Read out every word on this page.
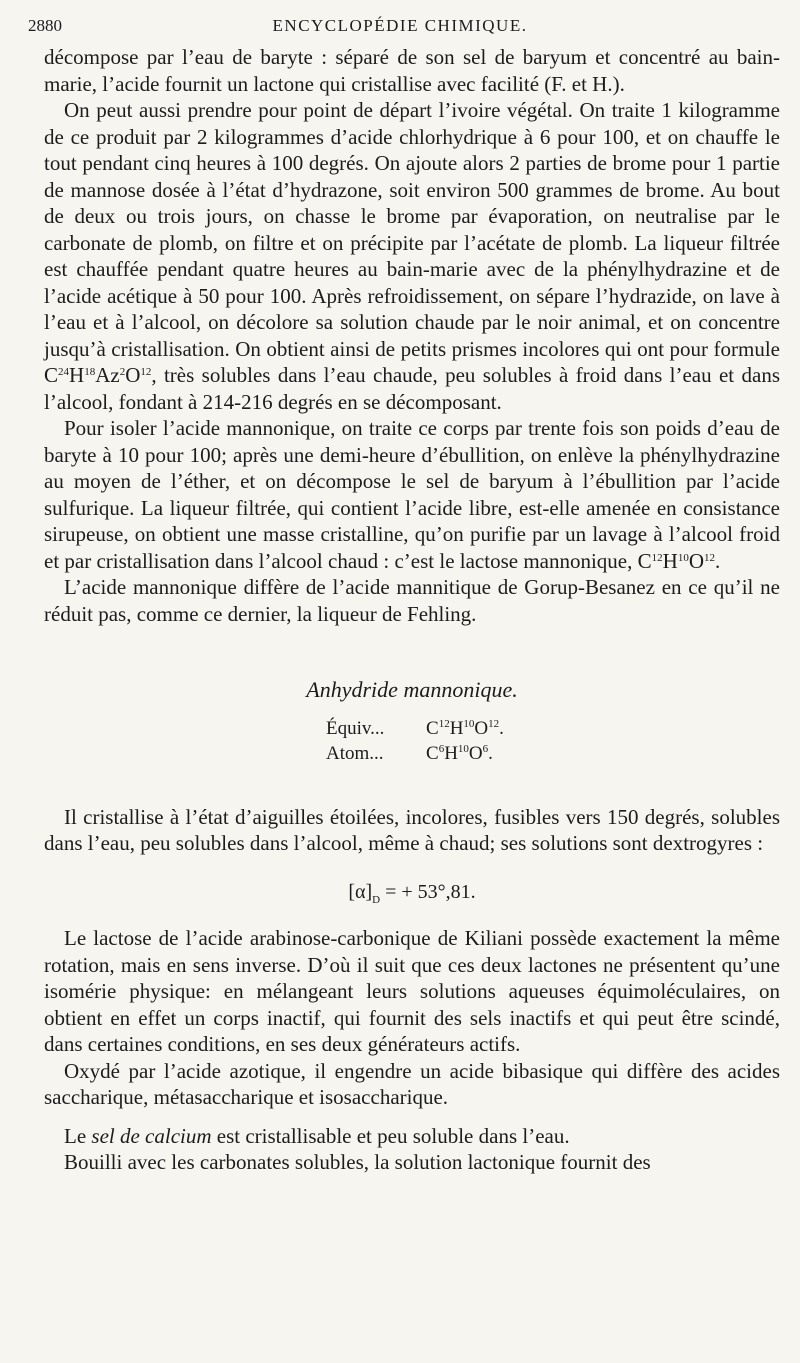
2880	ENCYCLOPÉDIE CHIMIQUE.

décompose par l’eau de baryte : séparé de son sel de baryum et concentré au bain-marie, l’acide fournit un lactone qui cristallise avec facilité (F. et H.).

On peut aussi prendre pour point de départ l’ivoire végétal. On traite 1 kilogramme de ce produit par 2 kilogrammes d’acide chlorhydrique à 6 pour 100, et on chauffe le tout pendant cinq heures à 100 degrés. On ajoute alors 2 parties de brome pour 1 partie de mannose dosée à l’état d’hydrazone, soit environ 500 grammes de brome. Au bout de deux ou trois jours, on chasse le brome par évaporation, on neutralise par le carbonate de plomb, on filtre et on précipite par l’acétate de plomb. La liqueur filtrée est chauffée pendant quatre heures au bain-marie avec de la phénylhydrazine et de l’acide acétique à 50 pour 100. Après refroidissement, on sépare l’hydrazide, on lave à l’eau et à l’alcool, on décolore sa solution chaude par le noir animal, et on concentre jusqu’à cristallisation. On obtient ainsi de petits prismes incolores qui ont pour formule $C^{24}H^{18}Az^2O^{12}$, très solubles dans l’eau chaude, peu solubles à froid dans l’eau et dans l’alcool, fondant à 214-216 degrés en se décomposant.

Pour isoler l’acide mannonique, on traite ce corps par trente fois son poids d’eau de baryte à 10 pour 100; après une demi-heure d’ébullition, on enlève la phénylhydrazine au moyen de l’éther, et on décompose le sel de baryum à l’ébullition par l’acide sulfurique. La liqueur filtrée, qui contient l’acide libre, est-elle amenée en consistance sirupeuse, on obtient une masse cristalline, qu’on purifie par un lavage à l’alcool froid et par cristallisation dans l’alcool chaud : c’est le lactose mannonique, $C^{12}H^{10}O^{12}$.

L’acide mannonique diffère de l’acide mannitique de Gorup-Besanez en ce qu’il ne réduit pas, comme ce dernier, la liqueur de Fehling.

Anhydride mannonique.

Équiv... $C^{12}H^{10}O^{12}$.

Atom... $C^6H^{10}O^6$.

Il cristallise à l’état d’aiguilles étoilées, incolores, fusibles vers 150 degrés, solubles dans l’eau, peu solubles dans l’alcool, même à chaud; ses solutions sont dextrogyres :

$[\alpha]_D$ = + 53°,81.

Le lactose de l’acide arabinose-carbonique de Kiliani possède exactement la même rotation, mais en sens inverse. D’où il suit que ces deux lactones ne présentent qu’une isomérie physique: en mélangeant leurs solutions aqueuses équimoléculaires, on obtient en effet un corps inactif, qui fournit des sels inactifs et qui peut être scindé, dans certaines conditions, en ses deux générateurs actifs.

Oxydé par l’acide azotique, il engendre un acide bibasique qui diffère des acides saccharique, métasaccharique et isosaccharique.

Le sel de calcium est cristallisable et peu soluble dans l’eau.

Bouilli avec les carbonates solubles, la solution lactonique fournit des
